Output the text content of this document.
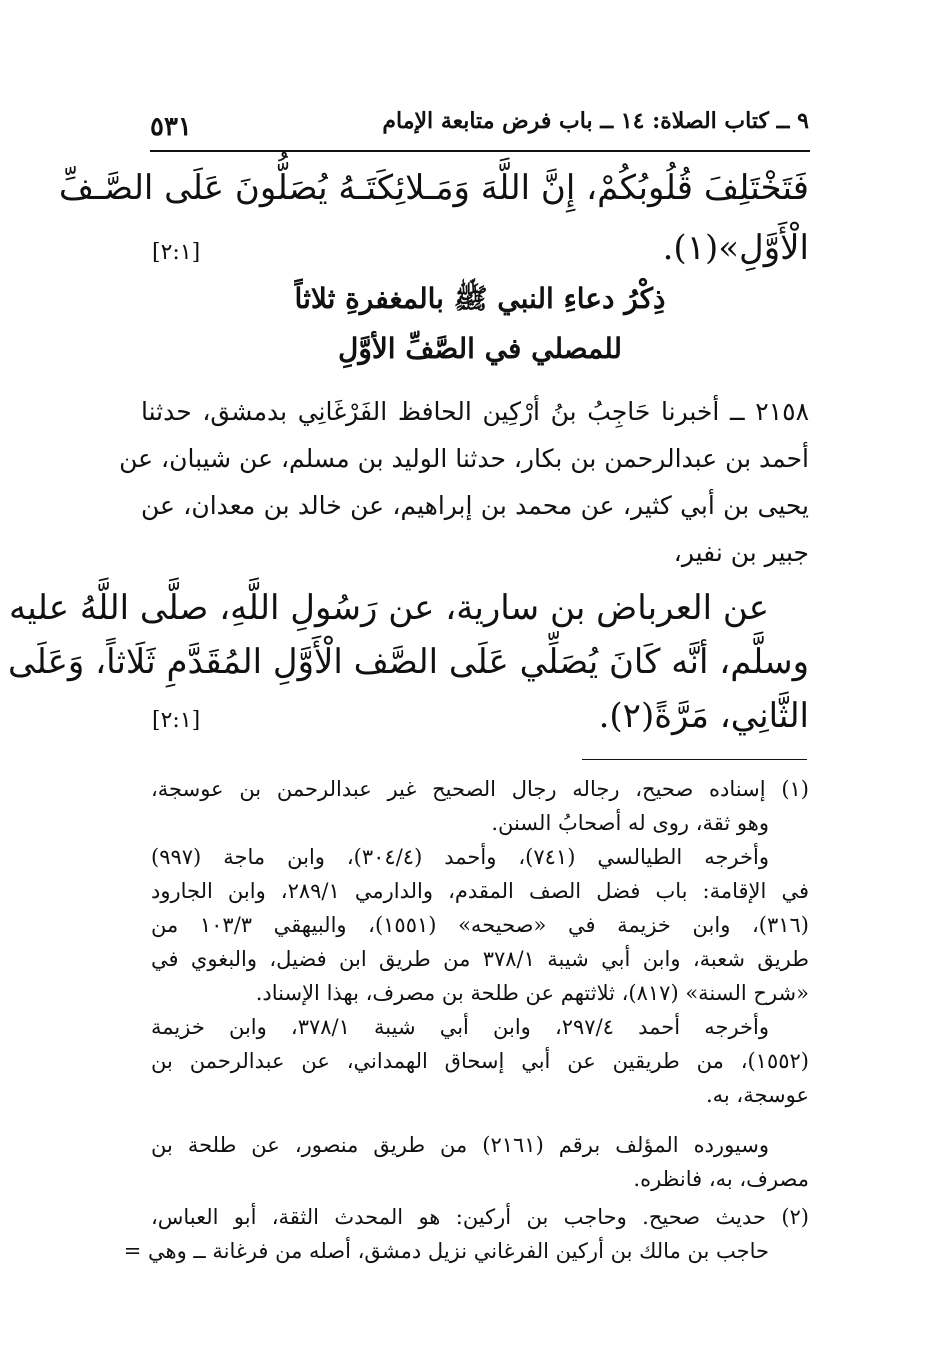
٩ ــ كتاب الصلاة: ١٤ ــ باب فرض متابعة الإمام
٥٣١
فَتَخْتَلِفَ قُلُوبُكُمْ، إِنَّ اللَّهَ وَمَـلائِكَتَـهُ يُصَلُّونَ عَلَى الصَّـفِّ
الْأَوَّلِ»(١).
[٢:١]
ذِكْرُ دعاءِ النبي ﷺ بالمغفرةِ ثلاثاً
للمصلي في الصَّفِّ الأوَّلِ
٢١٥٨ ــ أخبرنا حَاجِبُ بنُ أرْكِين الحافظ الفَرْغَانِي بدمشق، حدثنا
أحمد بن عبدالرحمن بن بكار، حدثنا الوليد بن مسلم، عن شيبان، عن
يحيى بن أبي كثير، عن محمد بن إبراهيم، عن خالد بن معدان، عن
جبير بن نفير،
عن العرباض بن سارية، عن رَسُولِ اللَّهِ، صلَّى اللَّهُ عليه
وسلَّم، أنَّه كَانَ يُصَلِّي عَلَى الصَّف الْأَوَّلِ المُقَدَّمِ ثَلَاثاً، وَعَلَى
الثَّانِي، مَرَّةً(٢).
[٢:١]
(١) إسناده صحيح، رجاله رجال الصحيح غير عبدالرحمن بن عوسجة،
وهو ثقة، روى له أصحابُ السنن.
وأخرجه الطيالسي (٧٤١)، وأحمد (٣٠٤/٤)، وابن ماجة (٩٩٧)
في الإقامة: باب فضل الصف المقدم، والدارمي ٢٨٩/١، وابن الجارود
(٣١٦)، وابن خزيمة في «صحيحه» (١٥٥١)، والبيهقي ١٠٣/٣ من
طريق شعبة، وابن أبي شيبة ٣٧٨/١ من طريق ابن فضيل، والبغوي في
«شرح السنة» (٨١٧)، ثلاثتهم عن طلحة بن مصرف، بهذا الإسناد.
وأخرجه أحمد ٢٩٧/٤، وابن أبي شيبة ٣٧٨/١، وابن خزيمة
(١٥٥٢)، من طريقين عن أبي إسحاق الهمداني، عن عبدالرحمن بن
عوسجة، به.
وسيورده المؤلف برقم (٢١٦١) من طريق منصور، عن طلحة بن
مصرف، به، فانظره.
(٢) حديث صحيح. وحاجب بن أركين: هو المحدث الثقة، أبو العباس،
حاجب بن مالك بن أركين الفرغاني نزيل دمشق، أصله من فرغانة ــ وهي =
